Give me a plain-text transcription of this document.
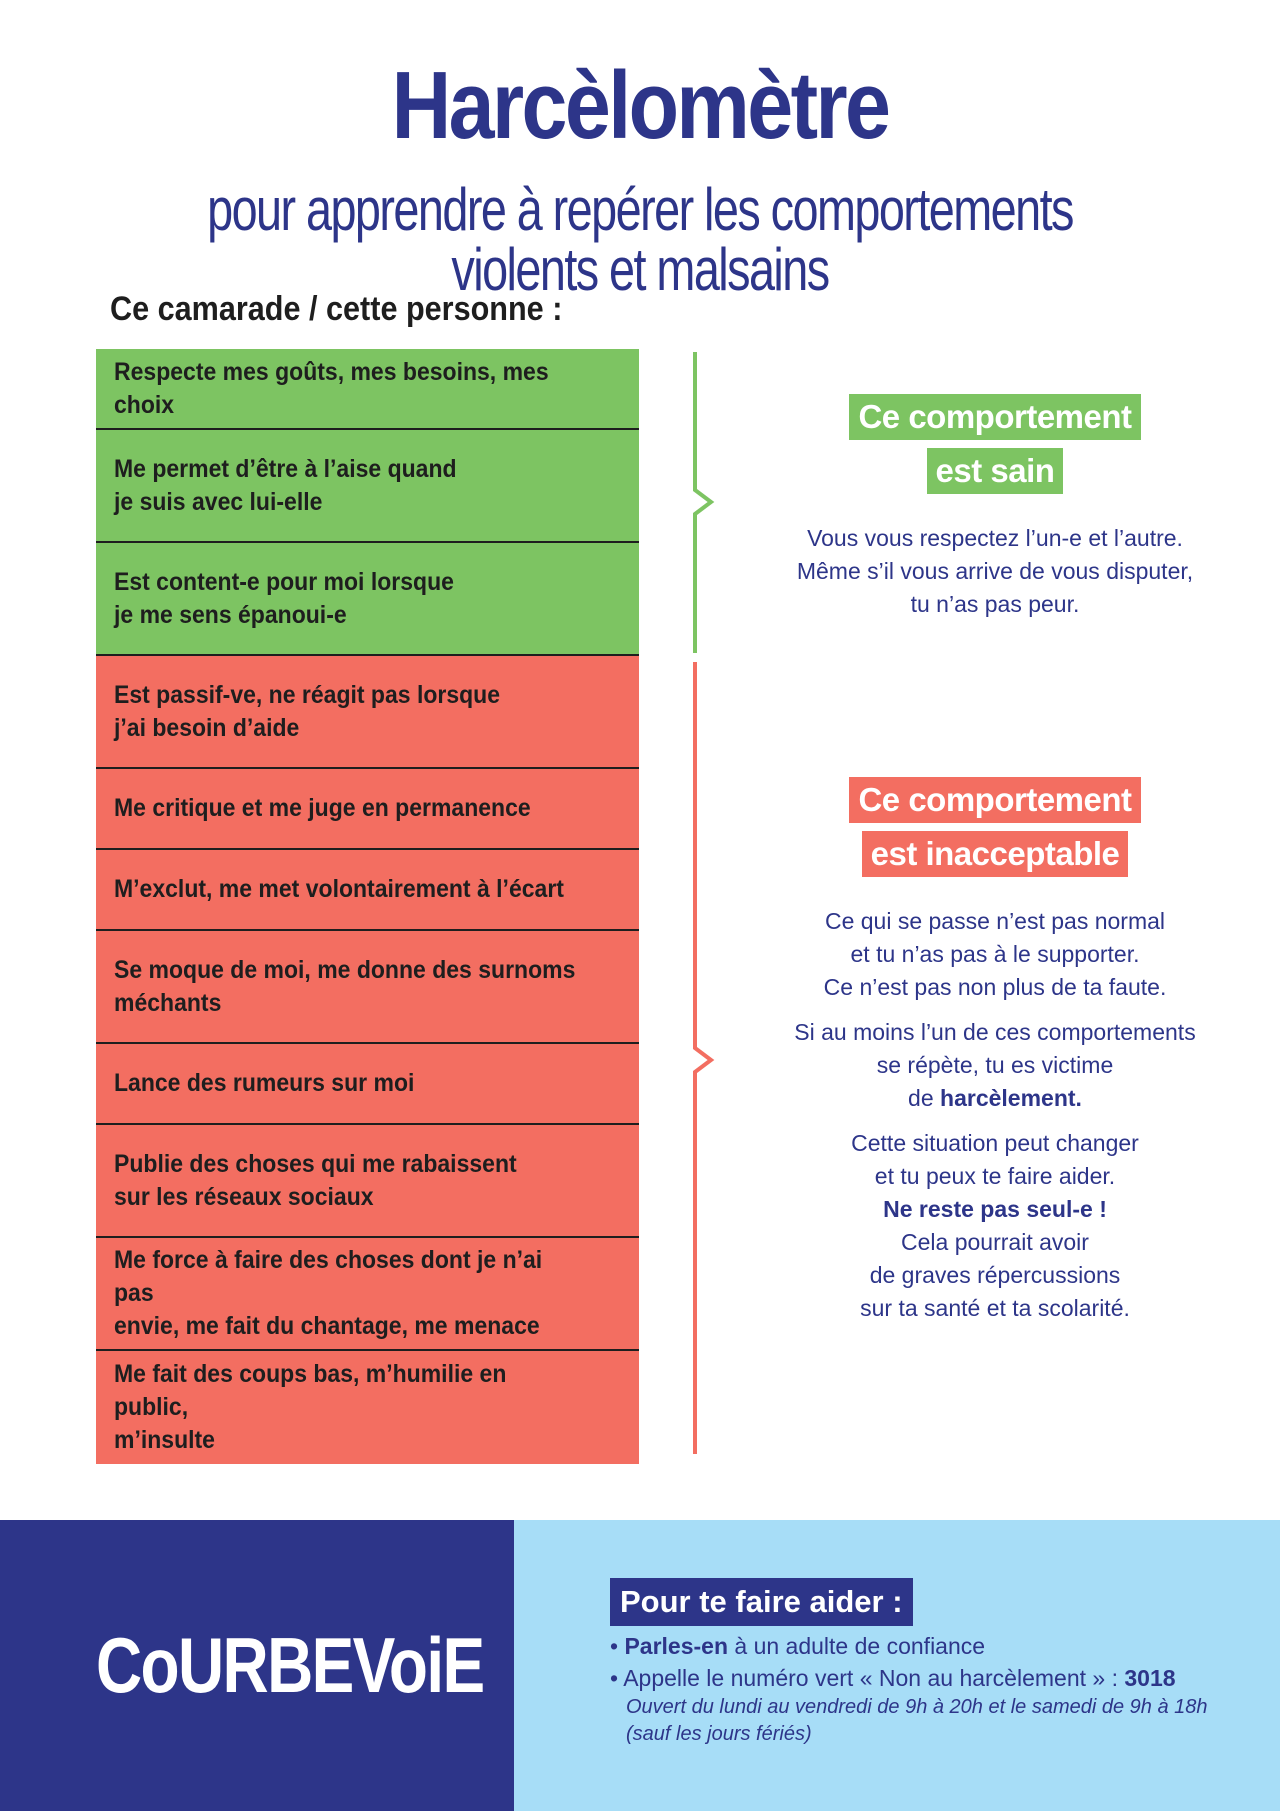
Harcèlomètre
pour apprendre à repérer les comportements violents et malsains
Ce camarade / cette personne :
Respecte mes goûts, mes besoins, mes choix
Me permet d’être à l’aise quand
je suis avec lui-elle
Est content-e pour moi lorsque
je me sens épanoui-e
Est passif-ve, ne réagit pas lorsque
j’ai besoin d’aide
Me critique et me juge en permanence
M’exclut, me met volontairement à l’écart
Se moque de moi, me donne des surnoms
méchants
Lance des rumeurs sur moi
Publie des choses qui me rabaissent
sur les réseaux sociaux
Me force à faire des choses dont je n’ai pas
envie, me fait du chantage, me menace
Me fait des coups bas, m’humilie en public,
m’insulte
Ce comportement
est sain

Vous vous respectez l’un-e et l’autre.
Même s’il vous arrive de vous disputer,
tu n’as pas peur.

Ce comportement
est inacceptable

Ce qui se passe n’est pas normal
et tu n’as pas à le supporter.
Ce n’est pas non plus de ta faute.

Si au moins l’un de ces comportements
se répète, tu es victime
de harcèlement.

Cette situation peut changer
et tu peux te faire aider.
Ne reste pas seul-e !
Cela pourrait avoir
de graves répercussions
sur ta santé et ta scolarité.

CoURBEVoiE
Pour te faire aider :
• Parles-en à un adulte de confiance
• Appelle le numéro vert « Non au harcèlement » : 3018
Ouvert du lundi au vendredi de 9h à 20h et le samedi de 9h à 18h
(sauf les jours fériés)
